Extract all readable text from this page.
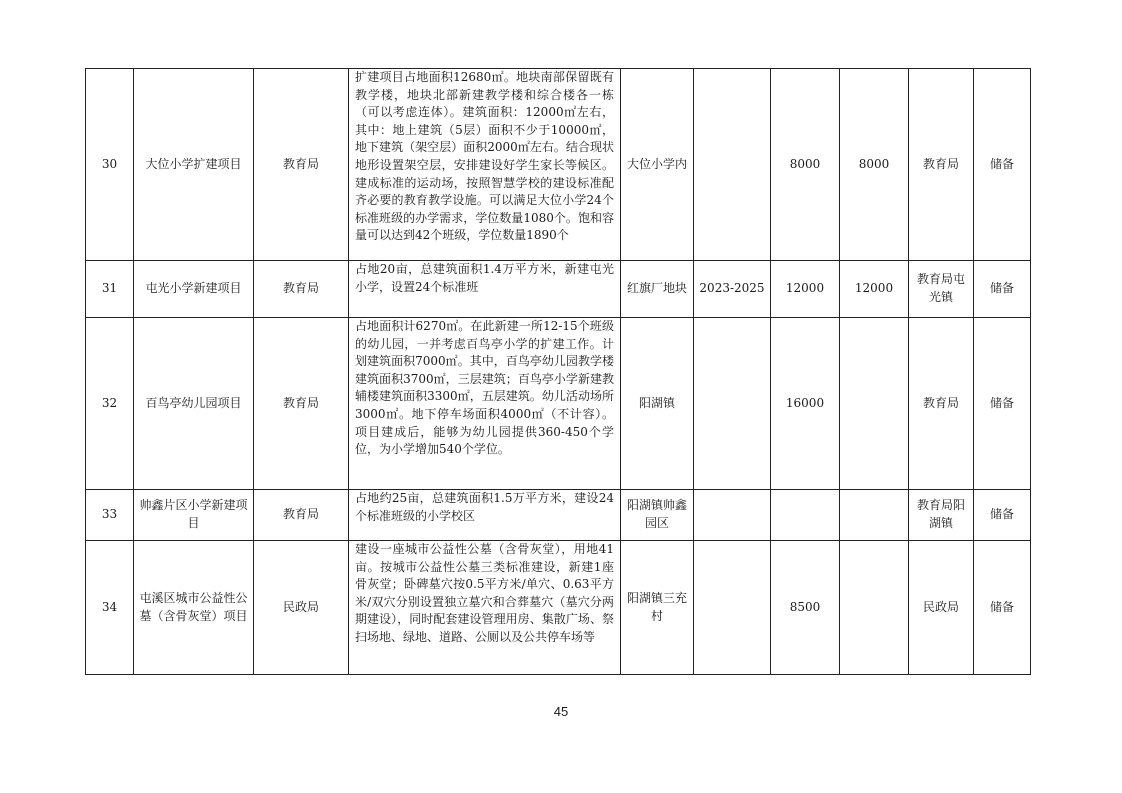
30	大位小学扩建项目	教育局	扩建项目占地面积12680㎡。地块南部保留既有教学楼，地块北部新建教学楼和综合楼各一栋（可以考虑连体）。建筑面积：12000㎡左右，其中：地上建筑（5层）面积不少于10000㎡，地下建筑（架空层）面积2000㎡左右。结合现状地形设置架空层，安排建设好学生家长等候区。建成标准的运动场，按照智慧学校的建设标准配齐必要的教育教学设施。可以满足大位小学24个标准班级的办学需求，学位数量1080个。饱和容量可以达到42个班级，学位数量1890个	大位小学内		8000	8000	教育局	储备
31	屯光小学新建项目	教育局	占地20亩，总建筑面积1.4万平方米，新建屯光小学，设置24个标准班	红旗厂地块	2023-2025	12000	12000	教育局屯光镇	储备
32	百鸟亭幼儿园项目	教育局	占地面积计6270㎡。在此新建一所12-15个班级的幼儿园，一并考虑百鸟亭小学的扩建工作。计划建筑面积7000㎡。其中，百鸟亭幼儿园教学楼建筑面积3700㎡，三层建筑；百鸟亭小学新建教辅楼建筑面积3300㎡，五层建筑。幼儿活动场所3000㎡。地下停车场面积4000㎡（不计容）。项目建成后，能够为幼儿园提供360-450个学位，为小学增加540个学位。	阳湖镇		16000		教育局	储备
33	帅鑫片区小学新建项目	教育局	占地约25亩，总建筑面积1.5万平方米，建设24个标准班级的小学校区	阳湖镇帅鑫园区				教育局阳湖镇	储备
34	屯溪区城市公益性公墓（含骨灰堂）项目	民政局	建设一座城市公益性公墓（含骨灰堂），用地41亩。按城市公益性公墓三类标准建设，新建1座骨灰堂；卧碑墓穴按0.5平方米/单穴、0.63平方米/双穴分别设置独立墓穴和合葬墓穴（墓穴分两期建设），同时配套建设管理用房、集散广场、祭扫场地、绿地、道路、公厕以及公共停车场等	阳湖镇三充村		8500		民政局	储备
45
